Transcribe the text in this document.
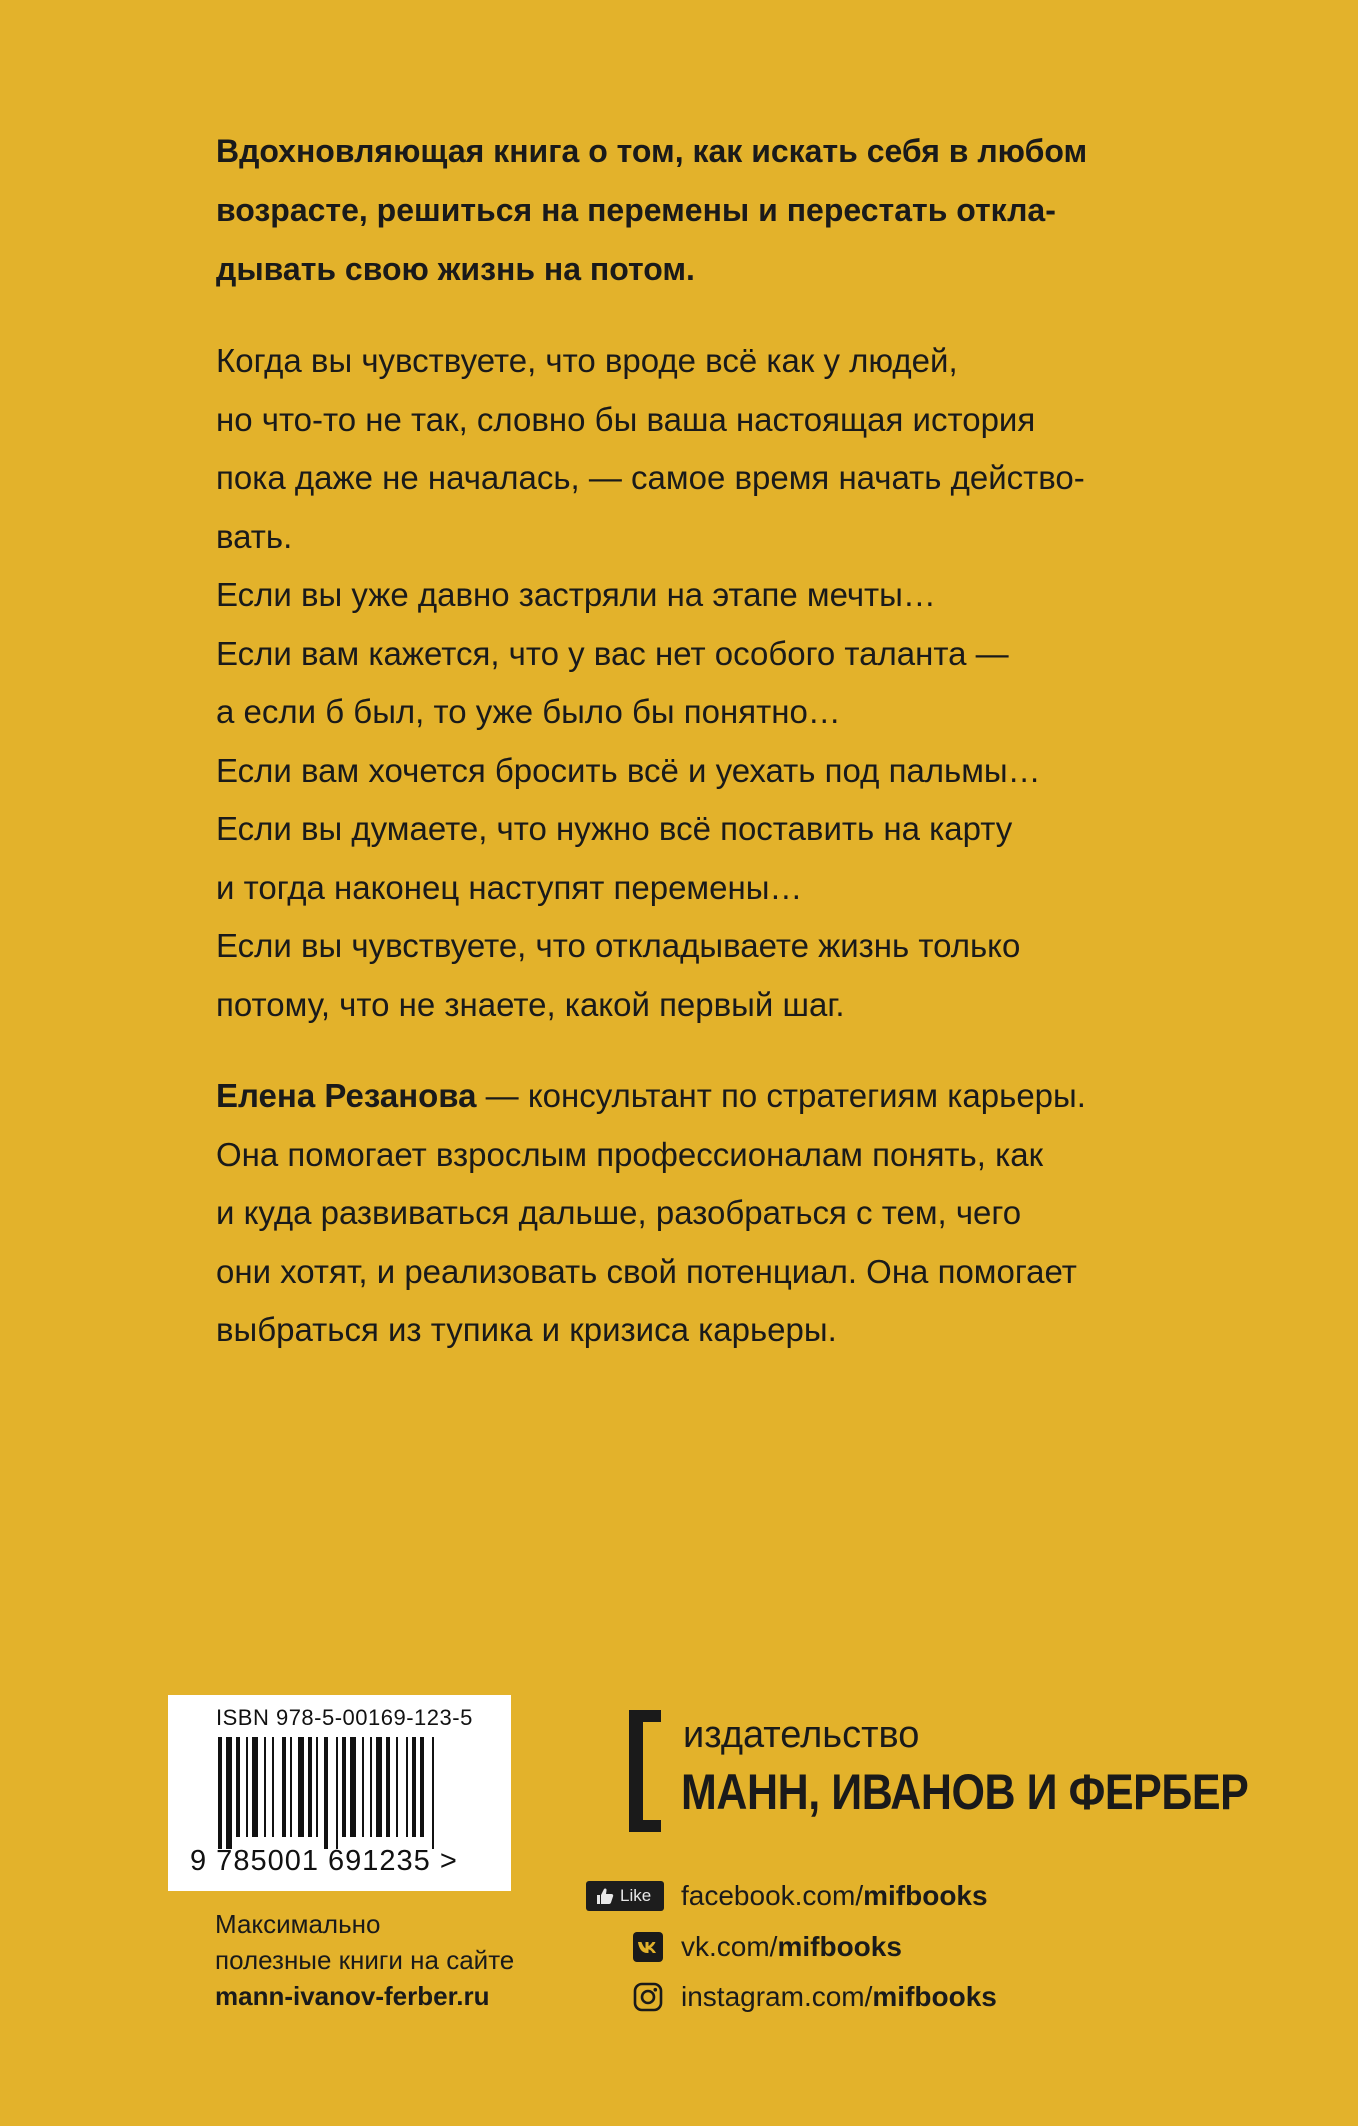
Вдохновляющая книга о том, как искать себя в любом
возрасте, решиться на перемены и перестать откла-
дывать свою жизнь на потом.
Когда вы чувствуете, что вроде всё как у людей,
но что-то не так, словно бы ваша настоящая история
пока даже не началась, — самое время начать действо-
вать.
Если вы уже давно застряли на этапе мечты…
Если вам кажется, что у вас нет особого таланта —
а если б был, то уже было бы понятно…
Если вам хочется бросить всё и уехать под пальмы…
Если вы думаете, что нужно всё поставить на карту
и тогда наконец наступят перемены…
Если вы чувствуете, что откладываете жизнь только
потому, что не знаете, какой первый шаг.
Елена Резанова — консультант по стратегиям карьеры.
Она помогает взрослым профессионалам понять, как
и куда развиваться дальше, разобраться с тем, чего
они хотят, и реализовать свой потенциал. Она помогает
выбраться из тупика и кризиса карьеры.
ISBN 978-5-00169-123-5
9 785001 691235 >
Максимально
полезные книги на сайте
mann-ivanov-ferber.ru
издательство
МАНН, ИВАНОВ И ФЕРБЕР
Like	facebook.com/mifbooks
vk.com/mifbooks
instagram.com/mifbooks
